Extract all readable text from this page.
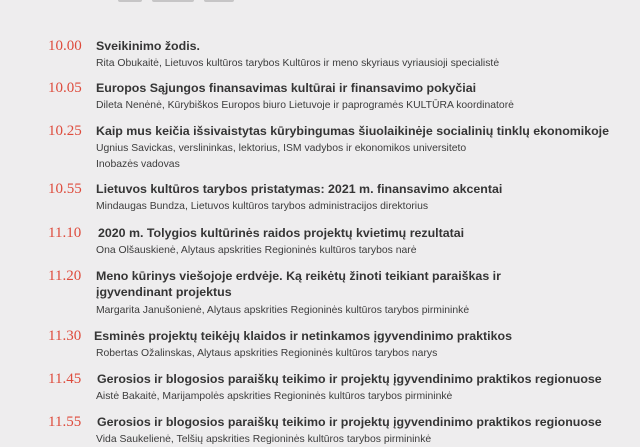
10.00 Sveikinimo žodis.
Rita Obukaitė, Lietuvos kultūros tarybos Kultūros ir meno skyriaus vyriausioji specialistė
10.05 Europos Sąjungos finansavimas kultūrai ir finansavimo pokyčiai
Dileta Nenėnė, Kūrybiškos Europos biuro Lietuvoje ir paprogramės KULTŪRA koordinatorė
10.25 Kaip mus keičia išsivaistytas kūrybingumas šiuolaikinėje socialinių tinklų ekonomikoje
Ugnius Savickas, verslininkas, lektorius, ISM vadybos ir ekonomikos universiteto
Inobazės vadovas
10.55 Lietuvos kultūros tarybos pristatymas: 2021 m. finansavimo akcentai
Mindaugas Bundza, Lietuvos kultūros tarybos administracijos direktorius
11.10 2020 m. Tolygios kultūrinės raidos projektų kvietimų rezultatai
Ona Olšauskienė, Alytaus apskrities Regioninės kultūros tarybos narė
11.20 Meno kūrinys viešojoje erdvėje. Ką reikėtų žinoti teikiant paraiškas ir įgyvendinant projektus
Margarita Janušonienė, Alytaus apskrities Regioninės kultūros tarybos pirmininkė
11.30 Esminės projektų teikėjų klaidos ir netinkamos įgyvendinimo praktikos
Robertas Ožalinskas, Alytaus apskrities Regioninės kultūros tarybos narys
11.45 Gerosios ir blogosios paraiškų teikimo ir projektų įgyvendinimo praktikos regionuose
Aistė Bakaitė, Marijampolės apskrities Regioninės kultūros tarybos pirmininkė
11.55 Gerosios ir blogosios paraiškų teikimo ir projektų įgyvendinimo praktikos regionuose
Vida Saukelienė, Telšių apskrities Regioninės kultūros tarybos pirmininkė
